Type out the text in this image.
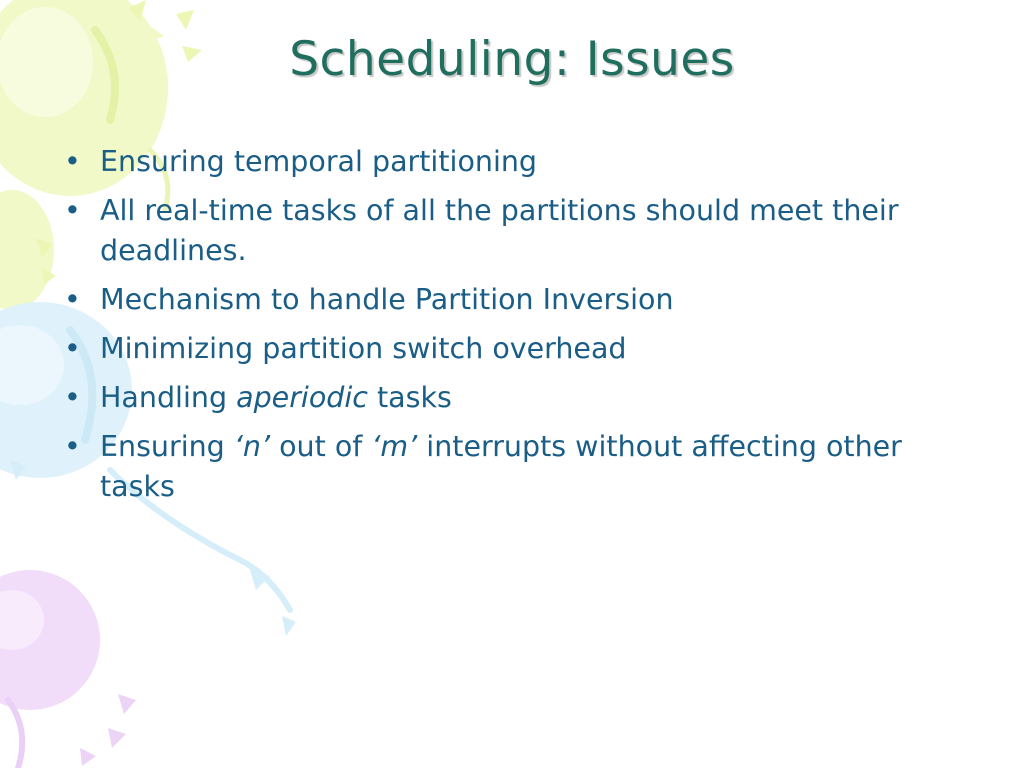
Scheduling: Issues
• Ensuring temporal partitioning
• All real-time tasks of all the partitions should meet their deadlines.
• Mechanism to handle Partition Inversion
• Minimizing partition switch overhead
• Handling aperiodic tasks
• Ensuring ‘n’ out of ‘m’ interrupts without affecting other tasks
